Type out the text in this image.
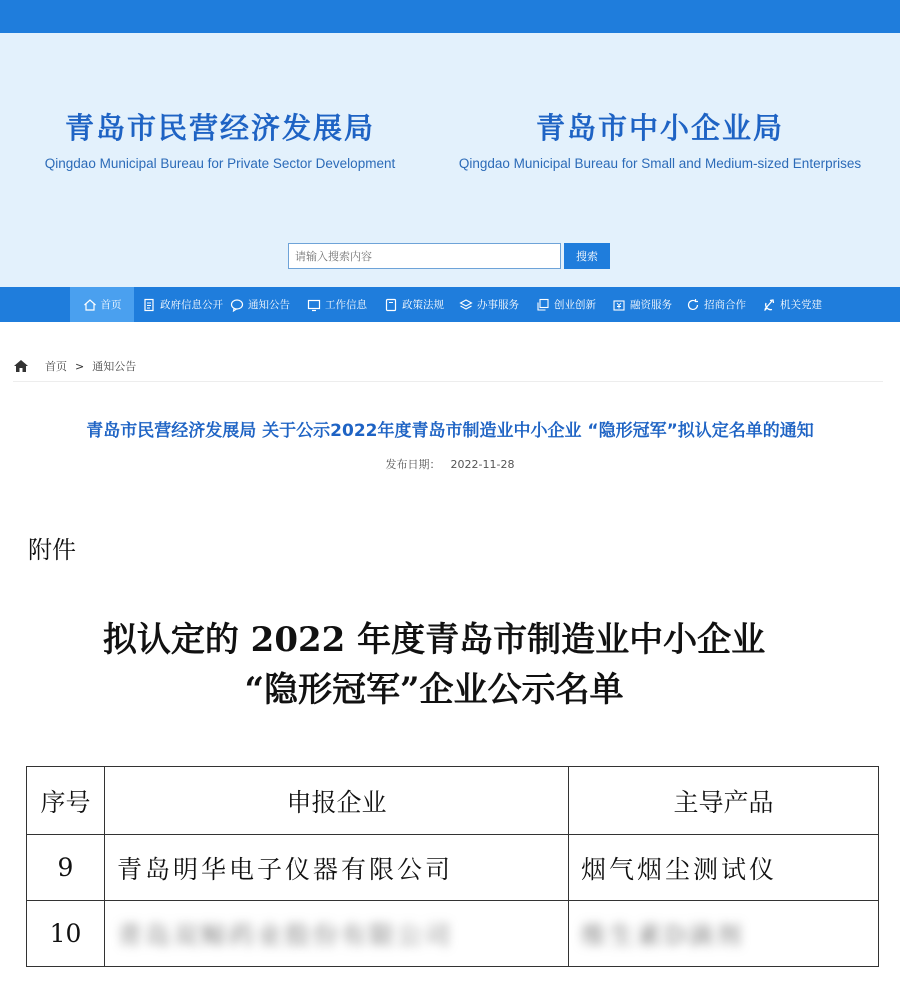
青岛市民营经济发展局
Qingdao Municipal Bureau for Private Sector Development
青岛市中小企业局
Qingdao Municipal Bureau for Small and Medium-sized Enterprises
请输入搜索内容
搜索
首页	政府信息公开 通知公告	工作信息	政策法规	办事服务	创业创新	融资服务	招商合作	机关党建
首页 > 通知公告
青岛市民营经济发展局 关于公示2022年度青岛市制造业中小企业 “隐形冠军”拟认定名单的通知
发布日期： 2022-11-28
附件
拟认定的 2022 年度青岛市制造业中小企业
“隐形冠军”企业公示名单
序号	申报企业	主导产品
9	青岛明华电子仪器有限公司	烟气烟尘测试仪
10	青岛双鲸药业股份有限公司	维生素D滴剂
